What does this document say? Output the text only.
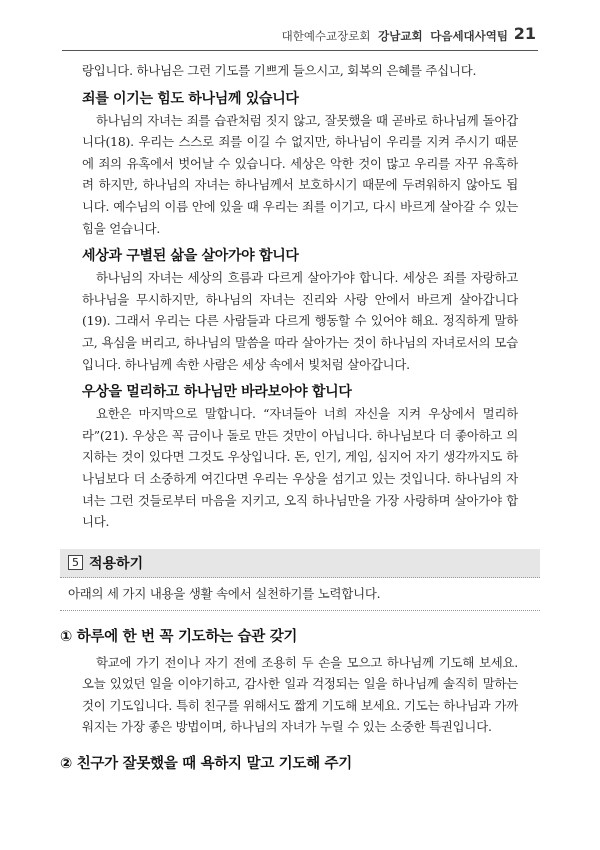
대한예수교장로회 강남교회 다음세대사역팀 21

랑입니다. 하나님은 그런 기도를 기쁘게 들으시고, 회복의 은혜를 주십니다.

죄를 이기는 힘도 하나님께 있습니다

하나님의 자녀는 죄를 습관처럼 짓지 않고, 잘못했을 때 곧바로 하나님께 돌아갑니다(18). 우리는 스스로 죄를 이길 수 없지만, 하나님이 우리를 지켜 주시기 때문에 죄의 유혹에서 벗어날 수 있습니다. 세상은 악한 것이 많고 우리를 자꾸 유혹하려 하지만, 하나님의 자녀는 하나님께서 보호하시기 때문에 두려워하지 않아도 됩니다. 예수님의 이름 안에 있을 때 우리는 죄를 이기고, 다시 바르게 살아갈 수 있는 힘을 얻습니다.

세상과 구별된 삶을 살아가야 합니다

하나님의 자녀는 세상의 흐름과 다르게 살아가야 합니다. 세상은 죄를 자랑하고 하나님을 무시하지만, 하나님의 자녀는 진리와 사랑 안에서 바르게 살아갑니다(19). 그래서 우리는 다른 사람들과 다르게 행동할 수 있어야 해요. 정직하게 말하고, 욕심을 버리고, 하나님의 말씀을 따라 살아가는 것이 하나님의 자녀로서의 모습입니다. 하나님께 속한 사람은 세상 속에서 빛처럼 살아갑니다.

우상을 멀리하고 하나님만 바라보아야 합니다

요한은 마지막으로 말합니다. “자녀들아 너희 자신을 지켜 우상에서 멀리하라”(21). 우상은 꼭 금이나 돌로 만든 것만이 아닙니다. 하나님보다 더 좋아하고 의지하는 것이 있다면 그것도 우상입니다. 돈, 인기, 게임, 심지어 자기 생각까지도 하나님보다 더 소중하게 여긴다면 우리는 우상을 섬기고 있는 것입니다. 하나님의 자녀는 그런 것들로부터 마음을 지키고, 오직 하나님만을 가장 사랑하며 살아가야 합니다.

5 적용하기
아래의 세 가지 내용을 생활 속에서 실천하기를 노력합니다.
① 하루에 한 번 꼭 기도하는 습관 갖기

학교에 가기 전이나 자기 전에 조용히 두 손을 모으고 하나님께 기도해 보세요. 오늘 있었던 일을 이야기하고, 감사한 일과 걱정되는 일을 하나님께 솔직히 말하는 것이 기도입니다. 특히 친구를 위해서도 짧게 기도해 보세요. 기도는 하나님과 가까워지는 가장 좋은 방법이며, 하나님의 자녀가 누릴 수 있는 소중한 특권입니다.

② 친구가 잘못했을 때 욕하지 말고 기도해 주기
